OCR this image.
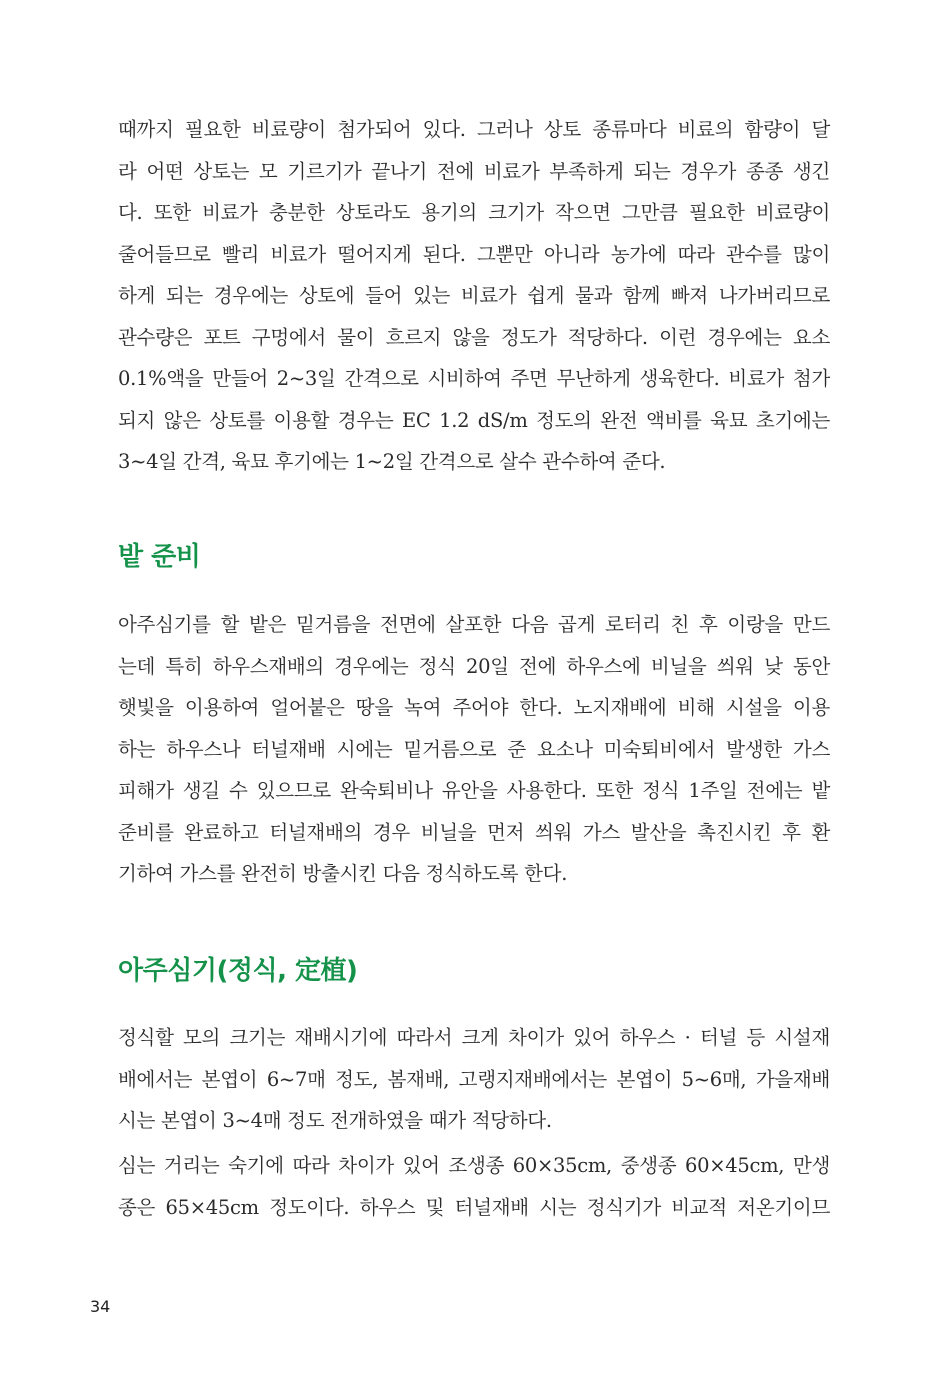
때까지 필요한 비료량이 첨가되어 있다. 그러나 상토 종류마다 비료의 함량이 달
라 어떤 상토는 모 기르기가 끝나기 전에 비료가 부족하게 되는 경우가 종종 생긴
다. 또한 비료가 충분한 상토라도 용기의 크기가 작으면 그만큼 필요한 비료량이
줄어들므로 빨리 비료가 떨어지게 된다. 그뿐만 아니라 농가에 따라 관수를 많이
하게 되는 경우에는 상토에 들어 있는 비료가 쉽게 물과 함께 빠져 나가버리므로
관수량은 포트 구멍에서 물이 흐르지 않을 정도가 적당하다. 이런 경우에는 요소
0.1%액을 만들어 2~3일 간격으로 시비하여 주면 무난하게 생육한다. 비료가 첨가
되지 않은 상토를 이용할 경우는 EC 1.2 dS/m 정도의 완전 액비를 육묘 초기에는
3~4일 간격, 육묘 후기에는 1~2일 간격으로 살수 관수하여 준다.
밭 준비
아주심기를 할 밭은 밑거름을 전면에 살포한 다음 곱게 로터리 친 후 이랑을 만드
는데 특히 하우스재배의 경우에는 정식 20일 전에 하우스에 비닐을 씌워 낮 동안
햇빛을 이용하여 얼어붙은 땅을 녹여 주어야 한다. 노지재배에 비해 시설을 이용
하는 하우스나 터널재배 시에는 밑거름으로 준 요소나 미숙퇴비에서 발생한 가스
피해가 생길 수 있으므로 완숙퇴비나 유안을 사용한다. 또한 정식 1주일 전에는 밭
준비를 완료하고 터널재배의 경우 비닐을 먼저 씌워 가스 발산을 촉진시킨 후 환
기하여 가스를 완전히 방출시킨 다음 정식하도록 한다.
아주심기(정식, 定植)
정식할 모의 크기는 재배시기에 따라서 크게 차이가 있어 하우스 · 터널 등 시설재
배에서는 본엽이 6~7매 정도, 봄재배, 고랭지재배에서는 본엽이 5~6매, 가을재배
시는 본엽이 3~4매 정도 전개하였을 때가 적당하다.
심는 거리는 숙기에 따라 차이가 있어 조생종 60×35cm, 중생종 60×45cm, 만생
종은 65×45cm 정도이다. 하우스 및 터널재배 시는 정식기가 비교적 저온기이므
34
